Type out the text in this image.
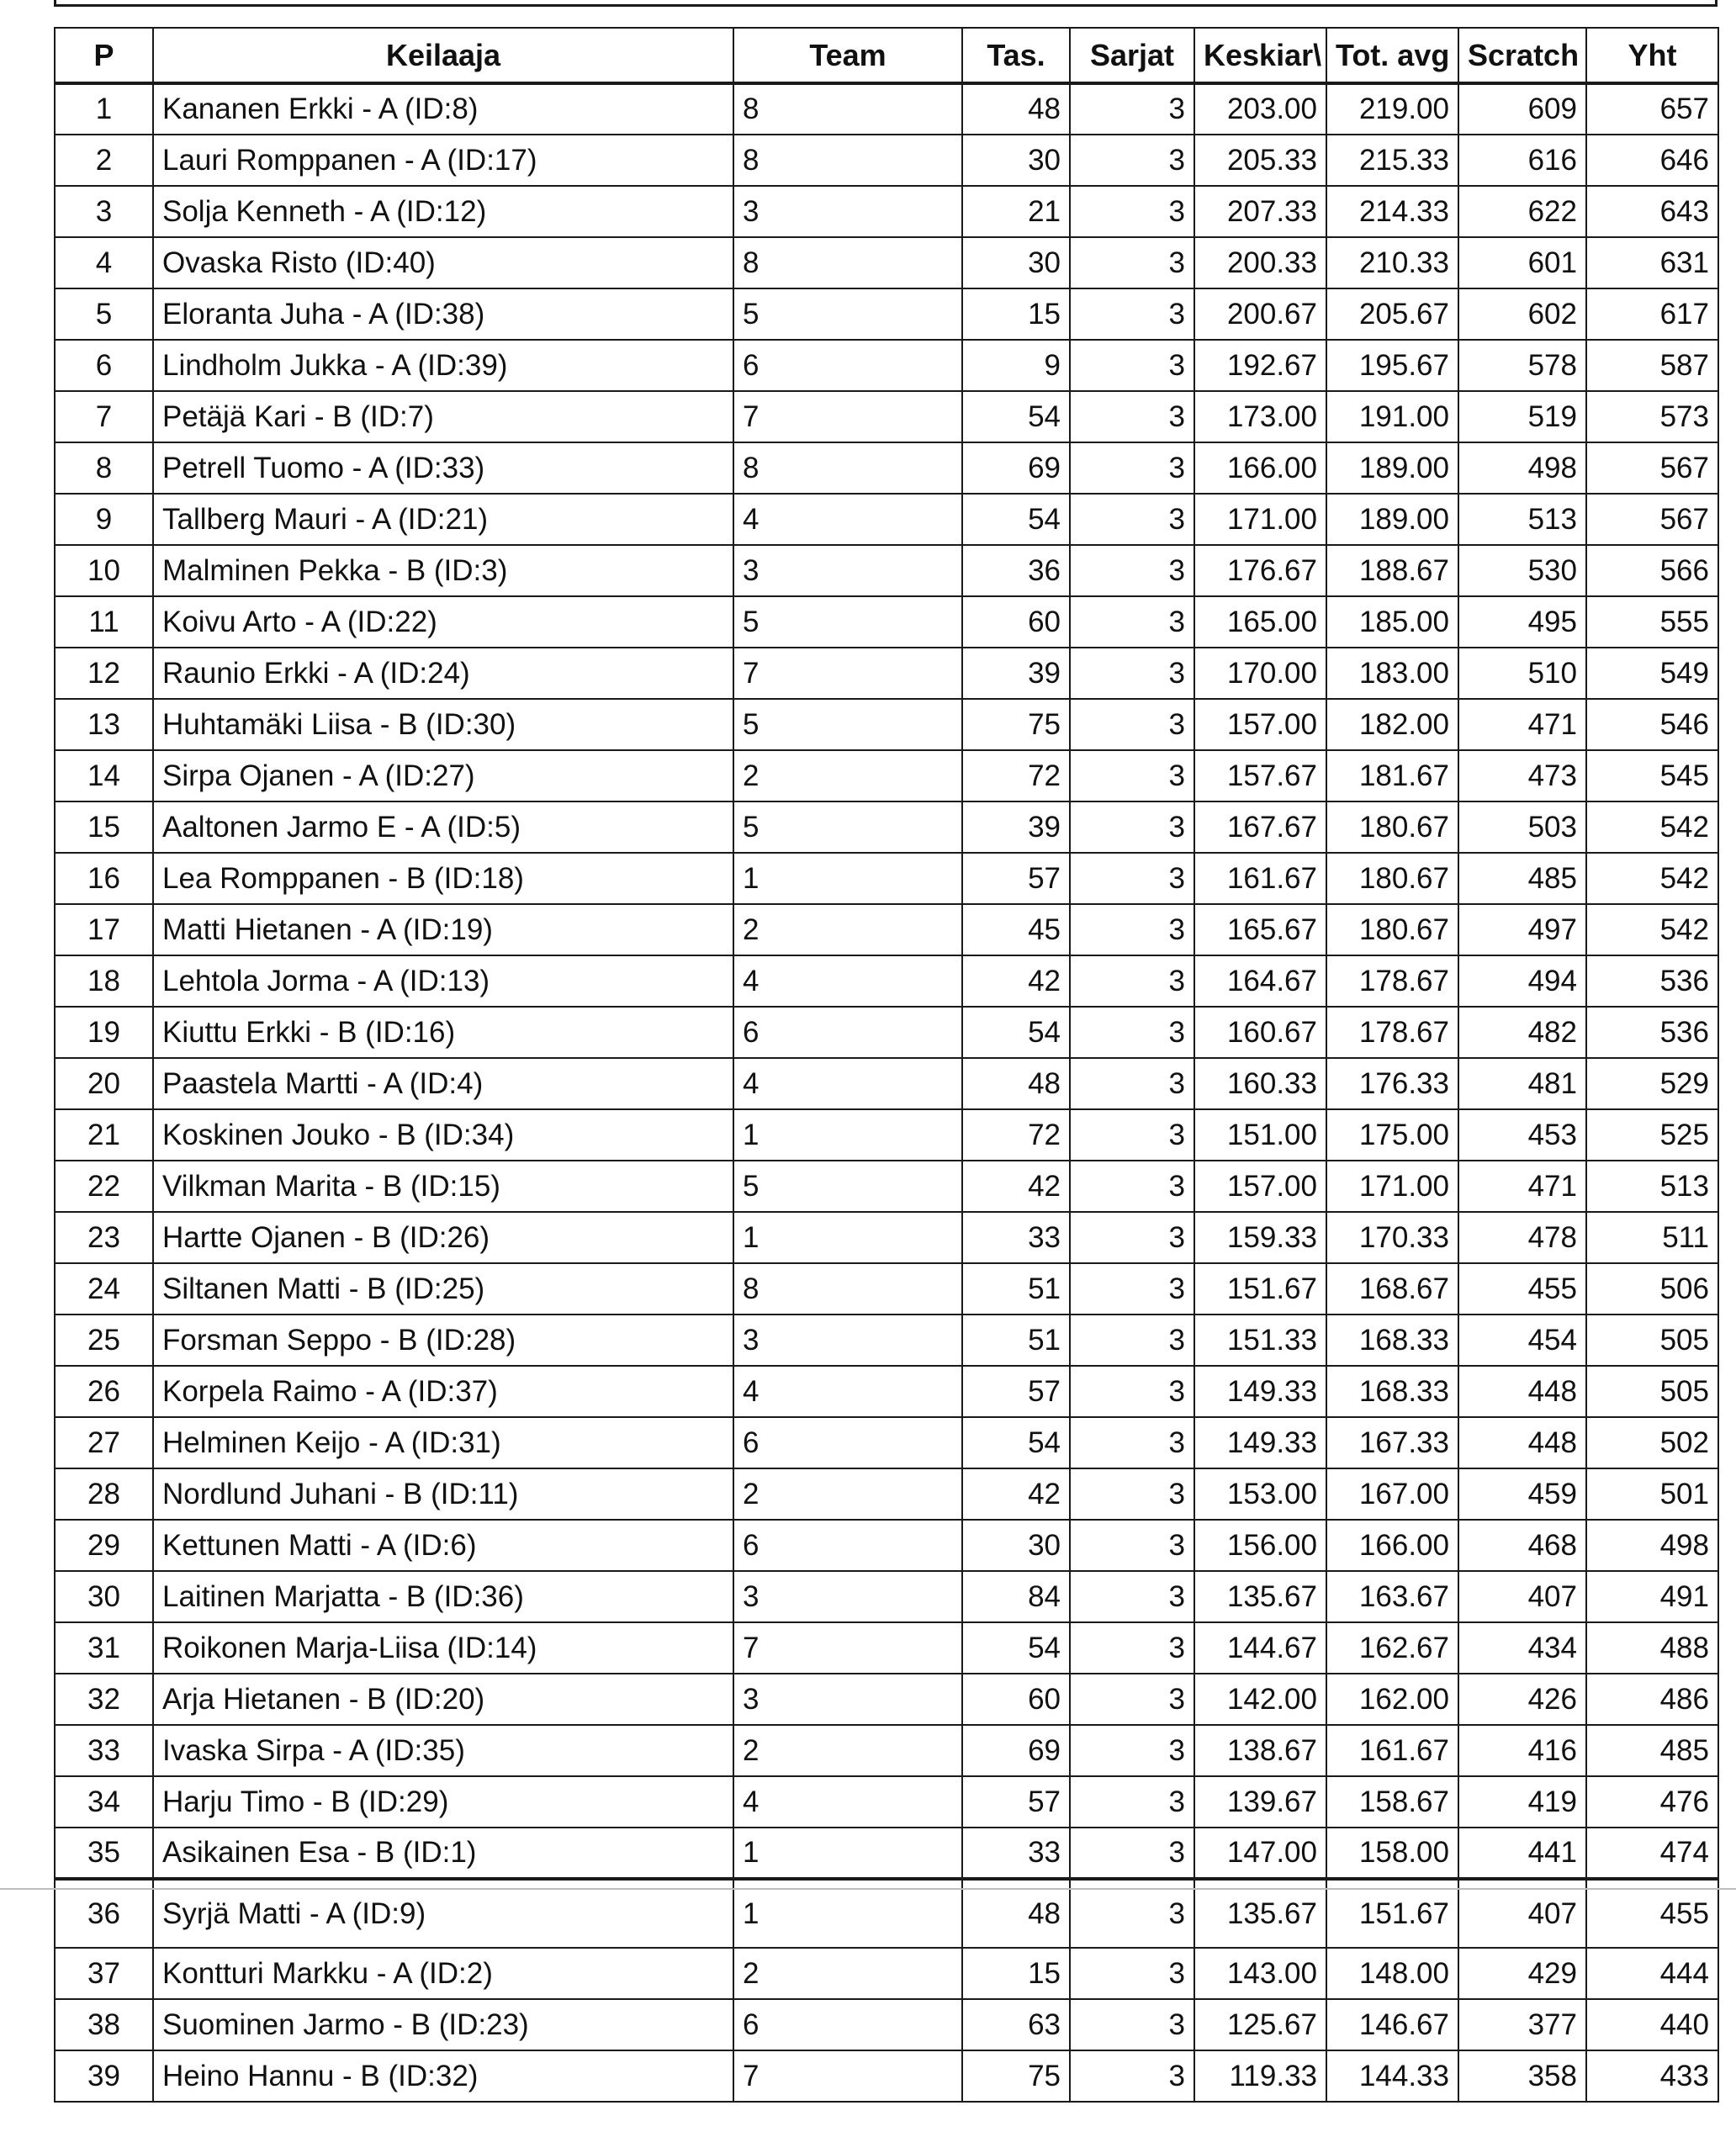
P	Keilaaja	Team	Tas.	Sarjat	Keskiar\	Tot. avg	Scratch	Yht
1	Kananen Erkki - A (ID:8)	8	48	3	203.00	219.00	609	657
2	Lauri Romppanen - A (ID:17)	8	30	3	205.33	215.33	616	646
3	Solja Kenneth - A (ID:12)	3	21	3	207.33	214.33	622	643
4	Ovaska Risto (ID:40)	8	30	3	200.33	210.33	601	631
5	Eloranta Juha - A (ID:38)	5	15	3	200.67	205.67	602	617
6	Lindholm Jukka - A (ID:39)	6	9	3	192.67	195.67	578	587
7	Petäjä Kari - B (ID:7)	7	54	3	173.00	191.00	519	573
8	Petrell Tuomo - A (ID:33)	8	69	3	166.00	189.00	498	567
9	Tallberg Mauri - A (ID:21)	4	54	3	171.00	189.00	513	567
10	Malminen Pekka - B (ID:3)	3	36	3	176.67	188.67	530	566
11	Koivu Arto - A (ID:22)	5	60	3	165.00	185.00	495	555
12	Raunio Erkki - A (ID:24)	7	39	3	170.00	183.00	510	549
13	Huhtamäki Liisa - B (ID:30)	5	75	3	157.00	182.00	471	546
14	Sirpa Ojanen - A (ID:27)	2	72	3	157.67	181.67	473	545
15	Aaltonen Jarmo E - A (ID:5)	5	39	3	167.67	180.67	503	542
16	Lea Romppanen - B (ID:18)	1	57	3	161.67	180.67	485	542
17	Matti Hietanen - A (ID:19)	2	45	3	165.67	180.67	497	542
18	Lehtola Jorma - A (ID:13)	4	42	3	164.67	178.67	494	536
19	Kiuttu Erkki - B (ID:16)	6	54	3	160.67	178.67	482	536
20	Paastela Martti - A (ID:4)	4	48	3	160.33	176.33	481	529
21	Koskinen Jouko - B (ID:34)	1	72	3	151.00	175.00	453	525
22	Vilkman Marita - B (ID:15)	5	42	3	157.00	171.00	471	513
23	Hartte Ojanen - B (ID:26)	1	33	3	159.33	170.33	478	511
24	Siltanen Matti - B (ID:25)	8	51	3	151.67	168.67	455	506
25	Forsman Seppo - B (ID:28)	3	51	3	151.33	168.33	454	505
26	Korpela Raimo - A (ID:37)	4	57	3	149.33	168.33	448	505
27	Helminen Keijo - A (ID:31)	6	54	3	149.33	167.33	448	502
28	Nordlund Juhani - B (ID:11)	2	42	3	153.00	167.00	459	501
29	Kettunen Matti - A (ID:6)	6	30	3	156.00	166.00	468	498
30	Laitinen Marjatta - B (ID:36)	3	84	3	135.67	163.67	407	491
31	Roikonen Marja-Liisa (ID:14)	7	54	3	144.67	162.67	434	488
32	Arja Hietanen - B (ID:20)	3	60	3	142.00	162.00	426	486
33	Ivaska Sirpa - A (ID:35)	2	69	3	138.67	161.67	416	485
34	Harju Timo - B (ID:29)	4	57	3	139.67	158.67	419	476
35	Asikainen Esa - B (ID:1)	1	33	3	147.00	158.00	441	474
36	Syrjä Matti - A (ID:9)	1	48	3	135.67	151.67	407	455
37	Kontturi Markku - A (ID:2)	2	15	3	143.00	148.00	429	444
38	Suominen Jarmo - B (ID:23)	6	63	3	125.67	146.67	377	440
39	Heino Hannu - B (ID:32)	7	75	3	119.33	144.33	358	433
